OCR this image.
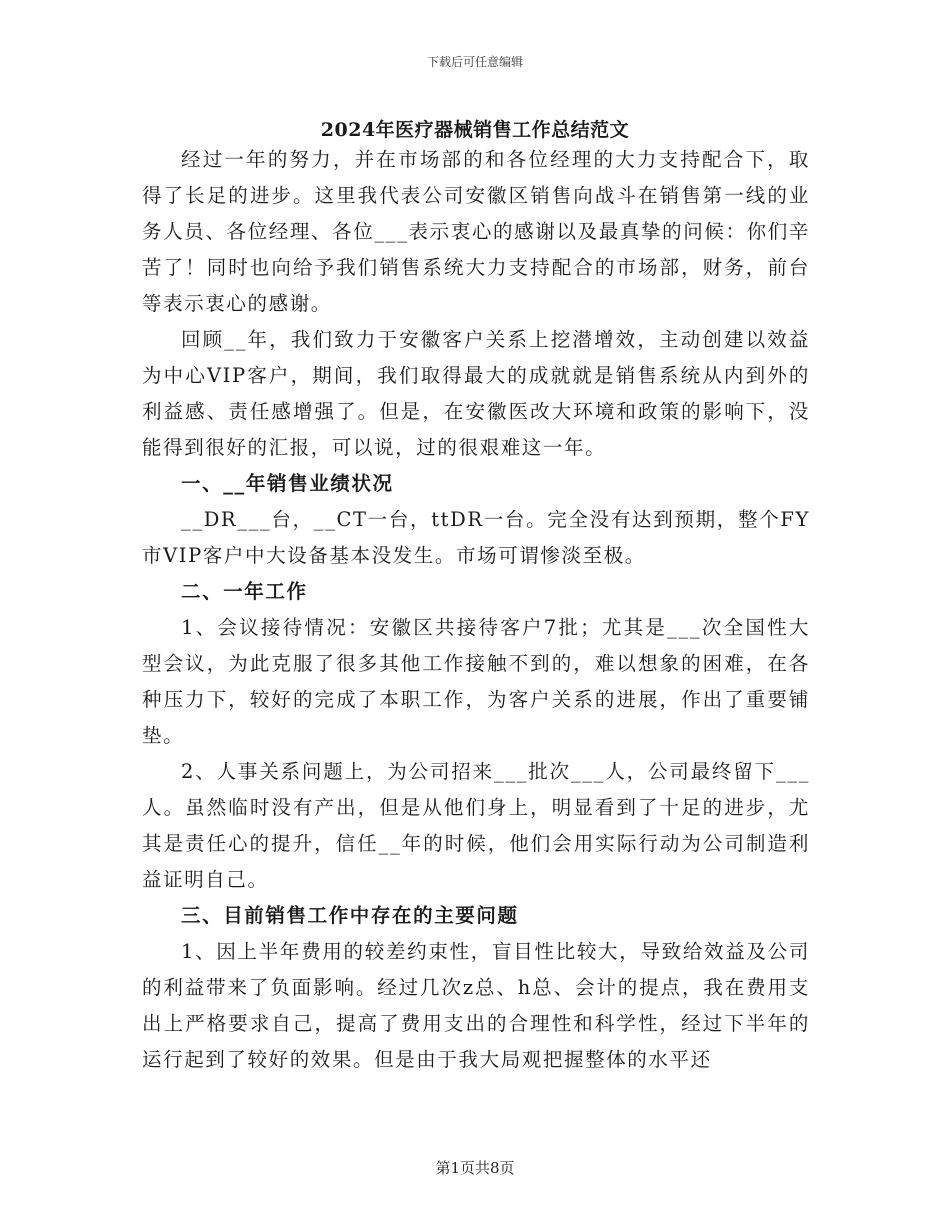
下载后可任意编辑
2024年医疗器械销售工作总结范文

经过一年的努力，并在市场部的和各位经理的大力支持配合下，取得了长足的进步。这里我代表公司安徽区销售向战斗在销售第一线的业务人员、各位经理、各位___表示衷心的感谢以及最真挚的问候：你们辛苦了！同时也向给予我们销售系统大力支持配合的市场部，财务，前台等表示衷心的感谢。

回顾__年，我们致力于安徽客户关系上挖潜增效，主动创建以效益为中心VIP客户，期间，我们取得最大的成就就是销售系统从内到外的利益感、责任感增强了。但是，在安徽医改大环境和政策的影响下，没能得到很好的汇报，可以说，过的很艰难这一年。

一、__年销售业绩状况

__DR___台，__CT一台，ttDR一台。完全没有达到预期，整个FY市VIP客户中大设备基本没发生。市场可谓惨淡至极。

二、一年工作

1、会议接待情况：安徽区共接待客户7批；尤其是___次全国性大型会议，为此克服了很多其他工作接触不到的，难以想象的困难，在各种压力下，较好的完成了本职工作，为客户关系的进展，作出了重要铺垫。

2、人事关系问题上，为公司招来___批次___人，公司最终留下___人。虽然临时没有产出，但是从他们身上，明显看到了十足的进步，尤其是责任心的提升，信任__年的时候，他们会用实际行动为公司制造利益证明自己。

三、目前销售工作中存在的主要问题

1、因上半年费用的较差约束性，盲目性比较大，导致给效益及公司的利益带来了负面影响。经过几次z总、h总、会计的提点，我在费用支出上严格要求自己，提高了费用支出的合理性和科学性，经过下半年的运行起到了较好的效果。但是由于我大局观把握整体的水平还

第1页共8页
